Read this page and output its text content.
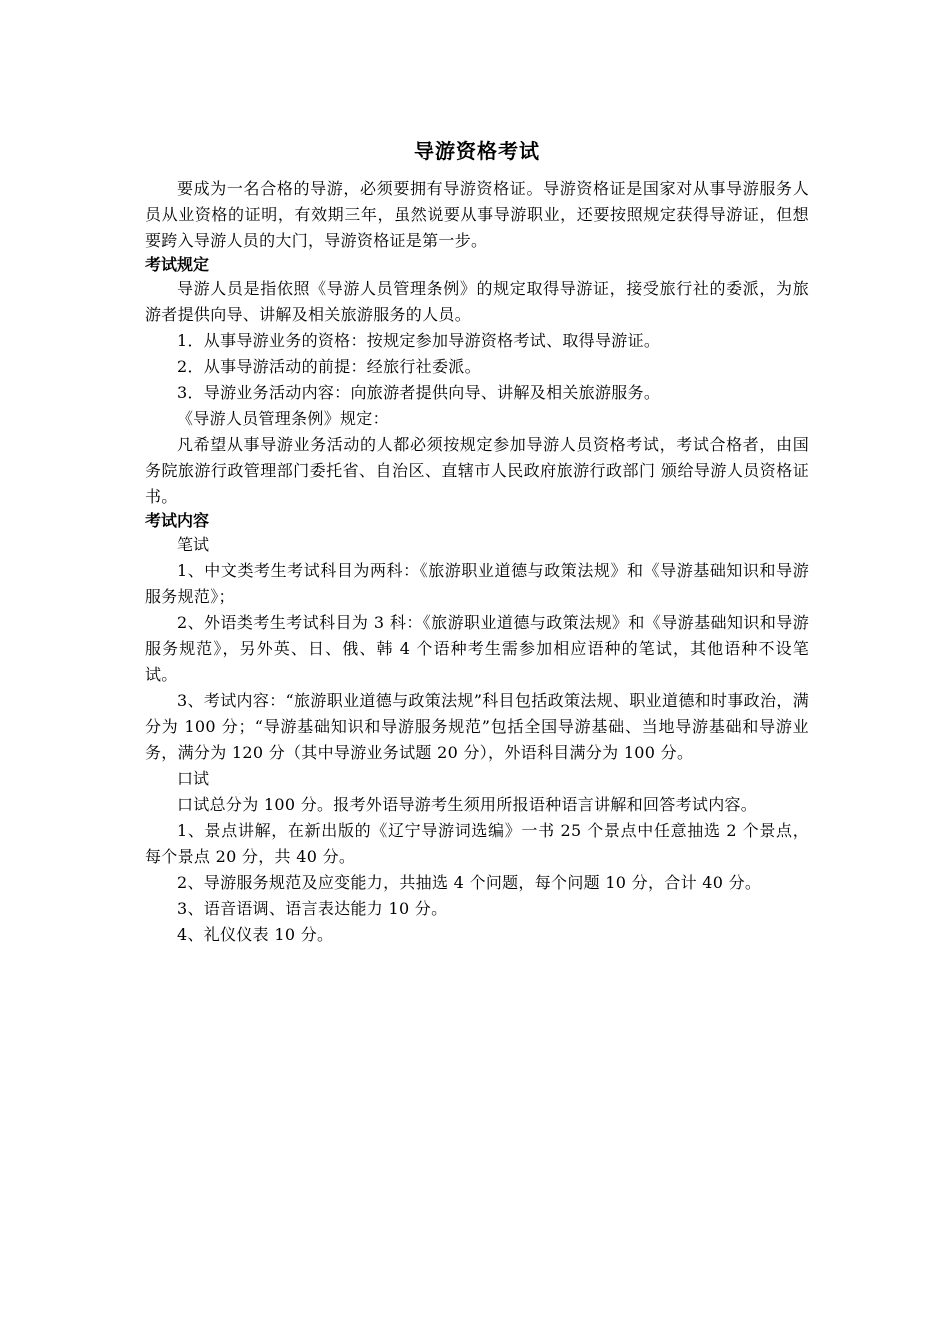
导游资格考试

要成为一名合格的导游，必须要拥有导游资格证。导游资格证是国家对从事导游服务人员从业资格的证明，有效期三年，虽然说要从事导游职业，还要按照规定获得导游证，但想要跨入导游人员的大门，导游资格证是第一步。

考试规定

导游人员是指依照《导游人员管理条例》的规定取得导游证，接受旅行社的委派，为旅游者提供向导、讲解及相关旅游服务的人员。

1．从事导游业务的资格：按规定参加导游资格考试、取得导游证。

2．从事导游活动的前提：经旅行社委派。

3．导游业务活动内容：向旅游者提供向导、讲解及相关旅游服务。

《导游人员管理条例》规定：

凡希望从事导游业务活动的人都必须按规定参加导游人员资格考试，考试合格者，由国务院旅游行政管理部门委托省、自治区、直辖市人民政府旅游行政部门 颁给导游人员资格证书。

考试内容

笔试

1、中文类考生考试科目为两科：《旅游职业道德与政策法规》和《导游基础知识和导游服务规范》；

2、外语类考生考试科目为 3 科：《旅游职业道德与政策法规》和《导游基础知识和导游服务规范》，另外英、日、俄、韩 4 个语种考生需参加相应语种的笔试，其他语种不设笔试。

3、考试内容：“旅游职业道德与政策法规”科目包括政策法规、职业道德和时事政治，满分为 100 分；“导游基础知识和导游服务规范”包括全国导游基础、当地导游基础和导游业务，满分为 120 分（其中导游业务试题 20 分），外语科目满分为 100 分。

口试

口试总分为 100 分。报考外语导游考生须用所报语种语言讲解和回答考试内容。

1、景点讲解，在新出版的《辽宁导游词选编》一书 25 个景点中任意抽选 2 个景点，每个景点 20 分，共 40 分。

2、导游服务规范及应变能力，共抽选 4 个问题，每个问题 10 分，合计 40 分。

3、语音语调、语言表达能力 10 分。

4、礼仪仪表 10 分。
